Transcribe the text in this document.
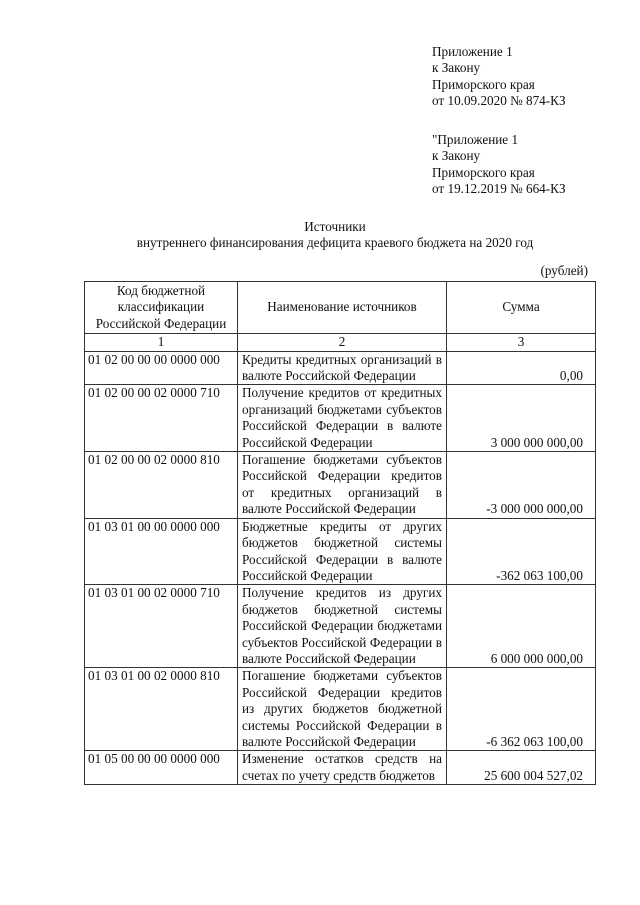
Приложение 1
к Закону
Приморского края
от 10.09.2020 № 874-КЗ
"Приложение 1
к Закону
Приморского края
от 19.12.2019 № 664-КЗ
Источники
внутреннего финансирования дефицита краевого бюджета на 2020 год
(рублей)
Код бюджетной классификации Российской Федерации	Наименование источников	Сумма
1	2	3
01 02 00 00 00 0000 000	Кредиты кредитных организаций в валюте Российской Федерации	0,00
01 02 00 00 02 0000 710	Получение кредитов от кредитных организаций бюджетами субъектов Российской Федерации в валюте Российской Федерации	3 000 000 000,00
01 02 00 00 02 0000 810	Погашение бюджетами субъектов Российской Федерации кредитов от кредитных организаций в валюте Российской Федерации	-3 000 000 000,00
01 03 01 00 00 0000 000	Бюджетные кредиты от других бюджетов бюджетной системы Российской Федерации в валюте Российской Федерации	-362 063 100,00
01 03 01 00 02 0000 710	Получение кредитов из других бюджетов бюджетной системы Российской Федерации бюджетами субъектов Российской Федерации в валюте Российской Федерации	6 000 000 000,00
01 03 01 00 02 0000 810	Погашение бюджетами субъектов Российской Федерации кредитов из других бюджетов бюджетной системы Российской Федерации в валюте Российской Федерации	-6 362 063 100,00
01 05 00 00 00 0000 000	Изменение остатков средств на счетах по учету средств бюджетов	25 600 004 527,02
